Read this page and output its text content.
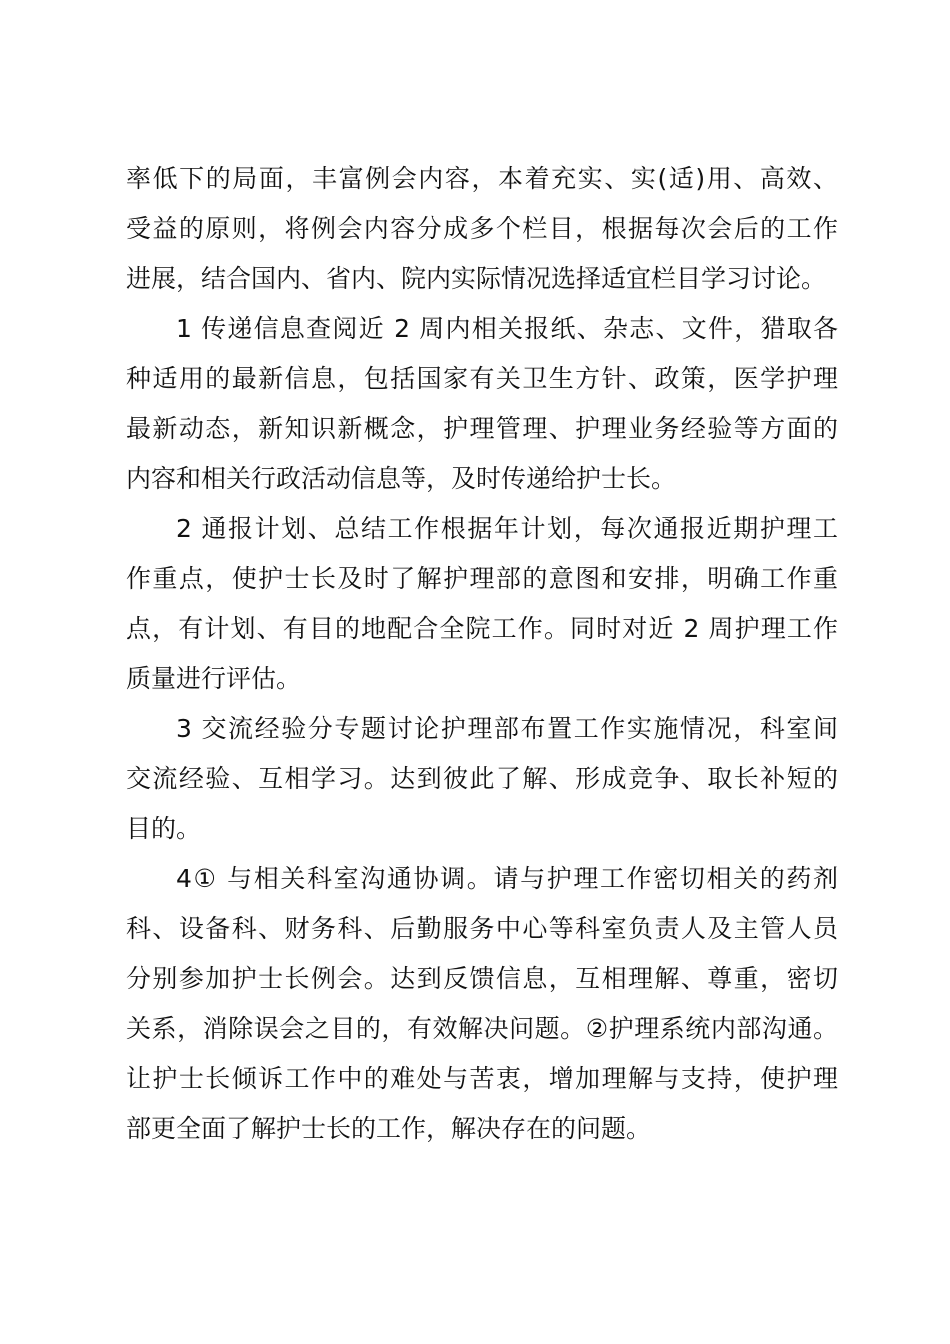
率低下的局面，丰富例会内容，本着充实、实(适)用、高效、
受益的原则，将例会内容分成多个栏目，根据每次会后的工作
进展，结合国内、省内、院内实际情况选择适宜栏目学习讨论。
1 传递信息查阅近 2 周内相关报纸、杂志、文件，猎取各
种适用的最新信息，包括国家有关卫生方针、政策，医学护理
最新动态，新知识新概念，护理管理、护理业务经验等方面的
内容和相关行政活动信息等，及时传递给护士长。
2 通报计划、总结工作根据年计划，每次通报近期护理工
作重点，使护士长及时了解护理部的意图和安排，明确工作重
点，有计划、有目的地配合全院工作。同时对近 2 周护理工作
质量进行评估。
3 交流经验分专题讨论护理部布置工作实施情况，科室间
交流经验、互相学习。达到彼此了解、形成竞争、取长补短的
目的。
4① 与相关科室沟通协调。请与护理工作密切相关的药剂
科、设备科、财务科、后勤服务中心等科室负责人及主管人员
分别参加护士长例会。达到反馈信息，互相理解、尊重，密切
关系，消除误会之目的，有效解决问题。②护理系统内部沟通。
让护士长倾诉工作中的难处与苦衷，增加理解与支持，使护理
部更全面了解护士长的工作，解决存在的问题。
